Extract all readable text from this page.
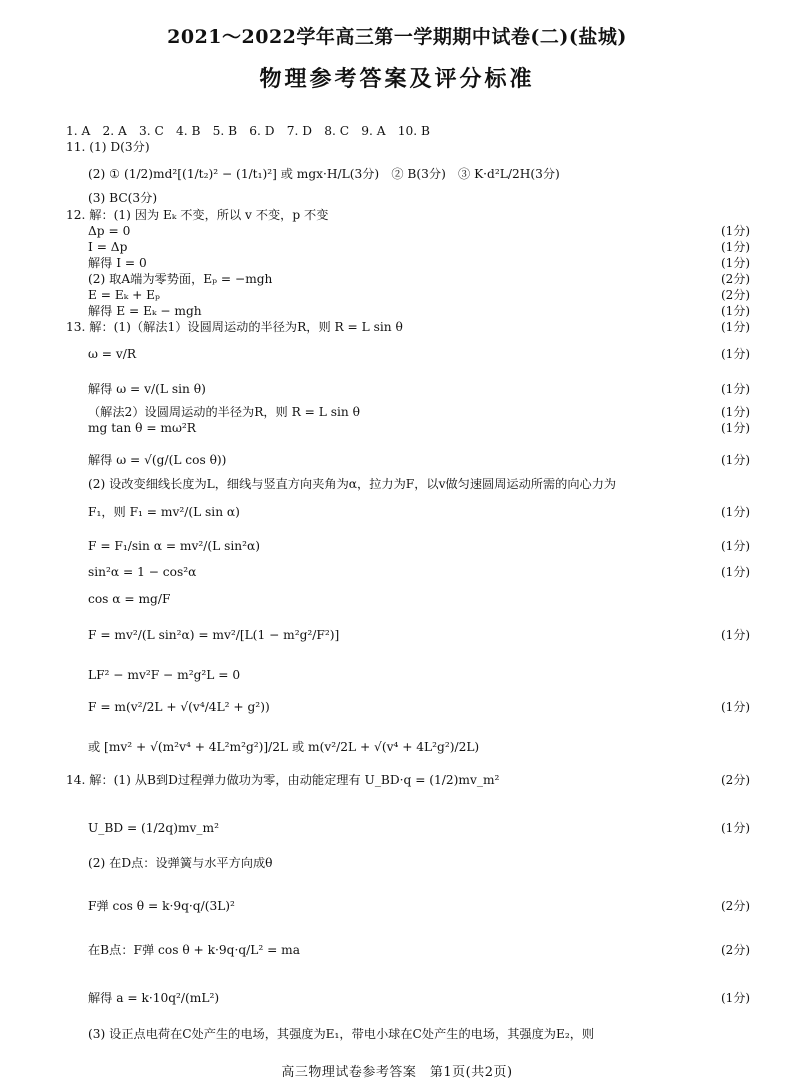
2021～2022学年高三第一学期期中试卷(二)(盐城)
物理参考答案及评分标准
1. A　2. A　3. C　4. B　5. B　6. D　7. D　8. C　9. A　10. B
11. (1) D(3分)
(2) ① (1/2)md²[(1/t₂)² − (1/t₁)²] 或 mgx·H/L(3分)　② B(3分)　③ K·d²L/2H(3分)
(3) BC(3分)
12. 解：(1) 因为 Eₖ 不变，所以 v 不变，p 不变
Δp = 0
I = Δp
解得 I = 0
(2) 取A端为零势面，Eₚ = −mgh
E = Eₖ + Eₚ
解得 E = Eₖ − mgh
13. 解：(1)（解法1）设圆周运动的半径为R，则 R = L sin θ
ω = v/R
解得 ω = v/(L sin θ)
（解法2）设圆周运动的半径为R，则 R = L sin θ
mg tan θ = mω²R
解得 ω = √(g/(L cos θ))
(2) 设改变细线长度为L，细线与竖直方向夹角为α，拉力为F，以v做匀速圆周运动所需的向心力为
F₁，则 F₁ = mv²/(L sin α)
F = F₁/sin α = mv²/(L sin²α)
sin²α = 1 − cos²α
cos α = mg/F
F = mv²/(L sin²α) = mv²/[L(1 − m²g²/F²)]
LF² − mv²F − m²g²L = 0
F = m(v²/2L + √(v⁴/4L² + g²))
或 [mv² + √(m²v⁴ + 4L²m²g²)]/2L 或 m(v²/2L + √(v⁴ + 4L²g²)/2L)
14. 解：(1) 从B到D过程弹力做功为零，由动能定理有 U_BD·q = (1/2)mv_m²
U_BD = (1/2q)mv_m²
(2) 在D点：设弹簧与水平方向成θ
F弹 cos θ = k·9q·q/(3L)²
在B点：F弹 cos θ + k·9q·q/L² = ma
解得 a = k·10q²/(mL²)
(3) 设正点电荷在C处产生的电场，其强度为E₁，带电小球在C处产生的电场，其强度为E₂，则
(1分)
(1分)
(1分)
(2分)
(2分)
(1分)
(1分)
(1分)
(1分)
(1分)
(1分)
(1分)
(1分)
(1分)
(1分)
(1分)
(1分)
(2分)
(1分)
(2分)
(2分)
(1分)
高三物理试卷参考答案　第1页(共2页)
